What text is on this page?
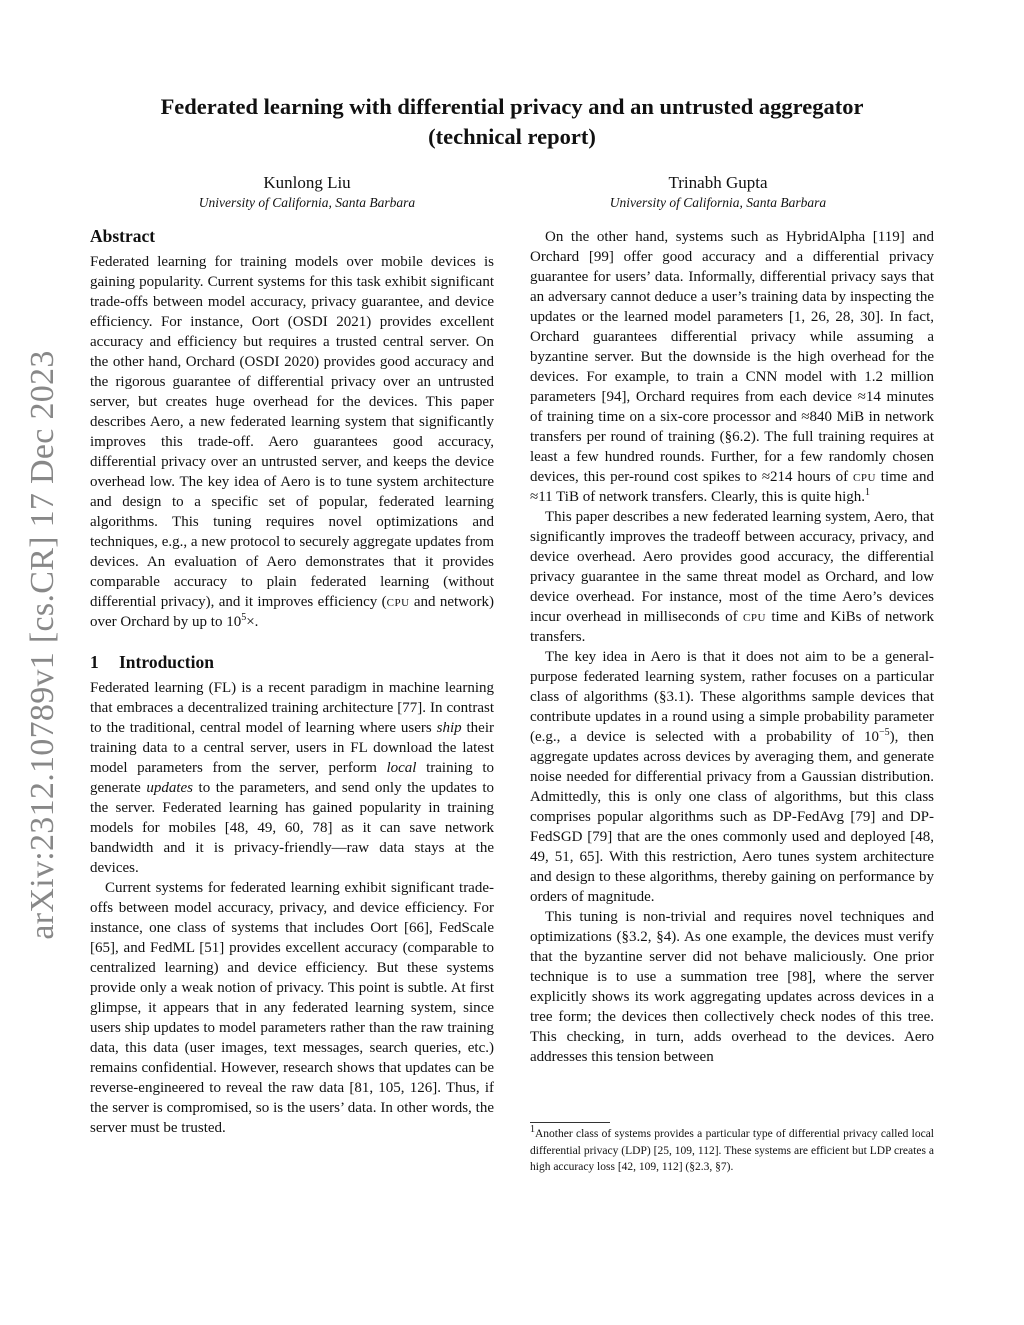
arXiv:2312.10789v1 [cs.CR] 17 Dec 2023
Federated learning with differential privacy and an untrusted aggregator
(technical report)
Kunlong Liu
University of California, Santa Barbara
Trinabh Gupta
University of California, Santa Barbara
Abstract

Federated learning for training models over mobile devices is gaining popularity. Current systems for this task exhibit significant trade-offs between model accuracy, privacy guarantee, and device efficiency. For instance, Oort (OSDI 2021) provides excellent accuracy and efficiency but requires a trusted central server. On the other hand, Orchard (OSDI 2020) provides good accuracy and the rigorous guarantee of differential privacy over an untrusted server, but creates huge overhead for the devices. This paper describes Aero, a new federated learning system that significantly improves this trade-off. Aero guarantees good accuracy, differential privacy over an untrusted server, and keeps the device overhead low. The key idea of Aero is to tune system architecture and design to a specific set of popular, federated learning algorithms. This tuning requires novel optimizations and techniques, e.g., a new protocol to securely aggregate updates from devices. An evaluation of Aero demonstrates that it provides comparable accuracy to plain federated learning (without differential privacy), and it improves efficiency (cpu and network) over Orchard by up to $10^5\times$.

1 Introduction

Federated learning (FL) is a recent paradigm in machine learning that embraces a decentralized training architecture [77]. In contrast to the traditional, central model of learning where users ship their training data to a central server, users in FL download the latest model parameters from the server, perform local training to generate updates to the parameters, and send only the updates to the server. Federated learning has gained popularity in training models for mobiles [48, 49, 60, 78] as it can save network bandwidth and it is privacy-friendly—raw data stays at the devices.

Current systems for federated learning exhibit significant trade-offs between model accuracy, privacy, and device efficiency. For instance, one class of systems that includes Oort [66], FedScale [65], and FedML [51] provides excellent accuracy (comparable to centralized learning) and device efficiency. But these systems provide only a weak notion of privacy. This point is subtle. At first glimpse, it appears that in any federated learning system, since users ship updates to model parameters rather than the raw training data, this data (user images, text messages, search queries, etc.) remains confidential. However, research shows that updates can be reverse-engineered to reveal the raw data [81, 105, 126]. Thus, if the server is compromised, so is the users’ data. In other words, the server must be trusted.

On the other hand, systems such as HybridAlpha [119] and Orchard [99] offer good accuracy and a differential privacy guarantee for users’ data. Informally, differential privacy says that an adversary cannot deduce a user’s training data by inspecting the updates or the learned model parameters [1, 26, 28, 30]. In fact, Orchard guarantees differential privacy while assuming a byzantine server. But the downside is the high overhead for the devices. For example, to train a CNN model with 1.2 million parameters [94], Orchard requires from each device ≈14 minutes of training time on a six-core processor and ≈840 MiB in network transfers per round of training (§6.2). The full training requires at least a few hundred rounds. Further, for a few randomly chosen devices, this per-round cost spikes to ≈214 hours of cpu time and ≈11 TiB of network transfers. Clearly, this is quite high.$^1$

This paper describes a new federated learning system, Aero, that significantly improves the tradeoff between accuracy, privacy, and device overhead. Aero provides good accuracy, the differential privacy guarantee in the same threat model as Orchard, and low device overhead. For instance, most of the time Aero’s devices incur overhead in milliseconds of cpu time and KiBs of network transfers.

The key idea in Aero is that it does not aim to be a general-purpose federated learning system, rather focuses on a particular class of algorithms (§3.1). These algorithms sample devices that contribute updates in a round using a simple probability parameter (e.g., a device is selected with a probability of $10^{-5}$), then aggregate updates across devices by averaging them, and generate noise needed for differential privacy from a Gaussian distribution. Admittedly, this is only one class of algorithms, but this class comprises popular algorithms such as DP-FedAvg [79] and DP-FedSGD [79] that are the ones commonly used and deployed [48, 49, 51, 65]. With this restriction, Aero tunes system architecture and design to these algorithms, thereby gaining on performance by orders of magnitude.

This tuning is non-trivial and requires novel techniques and optimizations (§3.2, §4). As one example, the devices must verify that the byzantine server did not behave maliciously. One prior technique is to use a summation tree [98], where the server explicitly shows its work aggregating updates across devices in a tree form; the devices then collectively check nodes of this tree. This checking, in turn, adds overhead to the devices. Aero addresses this tension between

$^1$Another class of systems provides a particular type of differential privacy called local differential privacy (LDP) [25, 109, 112]. These systems are efficient but LDP creates a high accuracy loss [42, 109, 112] (§2.3, §7).
